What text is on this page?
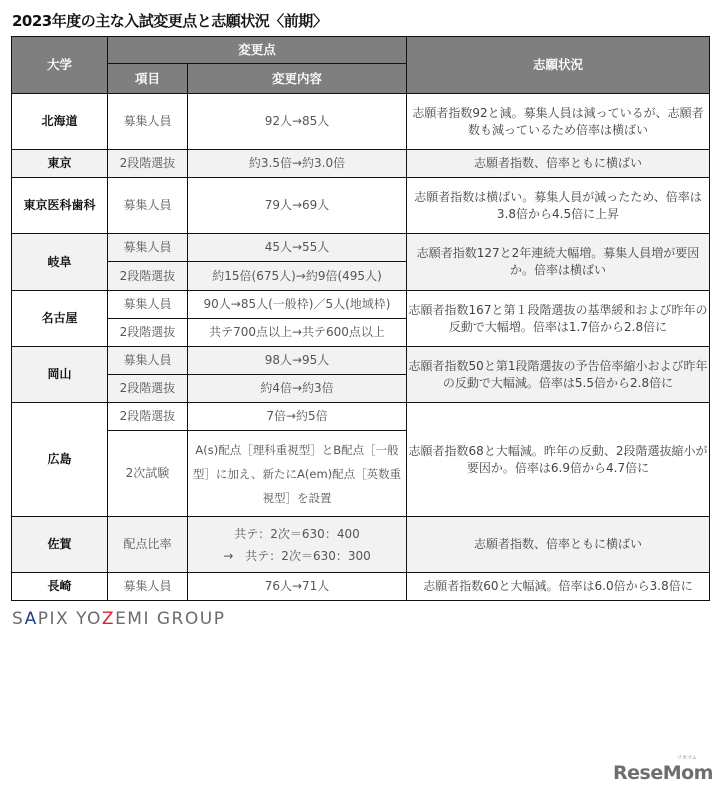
2023年度の主な入試変更点と志願状況〈前期〉
大学	変更点		志願状況
	項目	変更内容	
北海道	募集人員	92人→85人	志願者指数92と減。募集人員は減っているが、志願者数も減っているため倍率は横ばい
東京	2段階選抜	約3.5倍→約3.0倍	志願者指数、倍率ともに横ばい
東京医科歯科	募集人員	79人→69人	志願者指数は横ばい。募集人員が減ったため、倍率は3.8倍から4.5倍に上昇
岐阜	募集人員	45人→55人	志願者指数127と2年連続大幅増。募集人員増が要因か。倍率は横ばい
	2段階選抜	約15倍(675人)→約9倍(495人)	
名古屋	募集人員	90人→85人(一般枠)／5人(地域枠)	志願者指数167と第１段階選抜の基準緩和および昨年の反動で大幅増。倍率は1.7倍から2.8倍に
	2段階選抜	共テ700点以上→共テ600点以上	
岡山	募集人員	98人→95人	志願者指数50と第1段階選抜の予告倍率縮小および昨年の反動で大幅減。倍率は5.5倍から2.8倍に
	2段階選抜	約4倍→約3倍	
広島	2段階選抜	7倍→約5倍	志願者指数68と大幅減。昨年の反動、2段階選抜縮小が要因か。倍率は6.9倍から4.7倍に
	2次試験	A(s)配点［理科重視型］とB配点［一般型］に加え、新たにA(em)配点［英数重視型］を設置	
佐賀	配点比率	共テ：2次＝630：400
→　共テ：2次＝630：300	志願者指数、倍率ともに横ばい
長崎	募集人員	76人→71人	志願者指数60と大幅減。倍率は6.0倍から3.8倍に
SAPIX YOZEMI GROUP
リセマム
ReseMom
